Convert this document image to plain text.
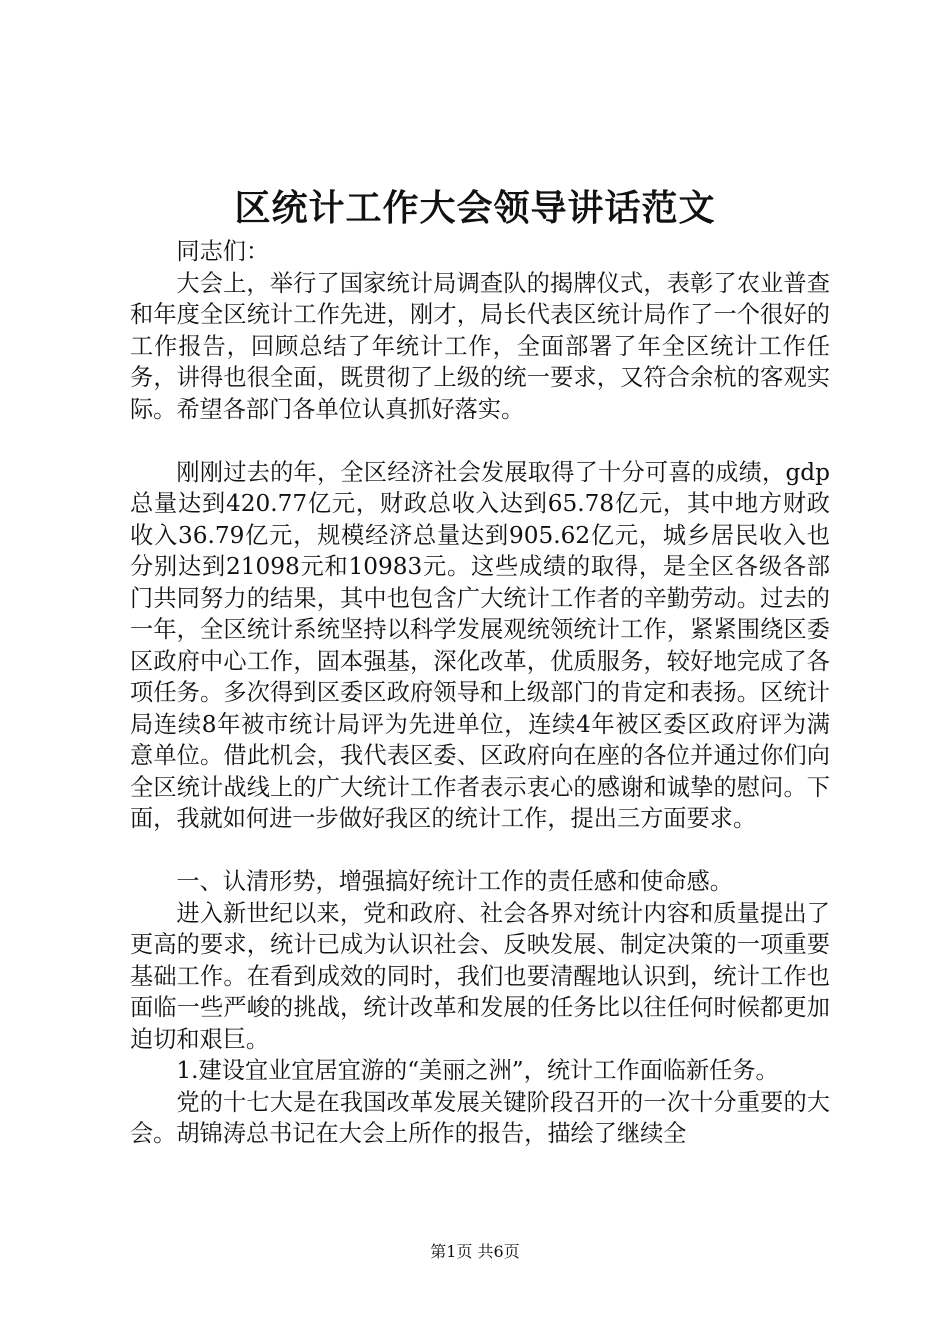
区统计工作大会领导讲话范文

同志们：

大会上，举行了国家统计局调查队的揭牌仪式，表彰了农业普查和年度全区统计工作先进，刚才，局长代表区统计局作了一个很好的工作报告，回顾总结了年统计工作，全面部署了年全区统计工作任务，讲得也很全面，既贯彻了上级的统一要求，又符合余杭的客观实际。希望各部门各单位认真抓好落实。

刚刚过去的年，全区经济社会发展取得了十分可喜的成绩，gdp总量达到420.77亿元，财政总收入达到65.78亿元，其中地方财政收入36.79亿元，规模经济总量达到905.62亿元，城乡居民收入也分别达到21098元和10983元。这些成绩的取得，是全区各级各部门共同努力的结果，其中也包含广大统计工作者的辛勤劳动。过去的一年，全区统计系统坚持以科学发展观统领统计工作，紧紧围绕区委区政府中心工作，固本强基，深化改革，优质服务，较好地完成了各项任务。多次得到区委区政府领导和上级部门的肯定和表扬。区统计局连续8年被市统计局评为先进单位，连续4年被区委区政府评为满意单位。借此机会，我代表区委、区政府向在座的各位并通过你们向全区统计战线上的广大统计工作者表示衷心的感谢和诚挚的慰问。下面，我就如何进一步做好我区的统计工作，提出三方面要求。

一、认清形势，增强搞好统计工作的责任感和使命感。

进入新世纪以来，党和政府、社会各界对统计内容和质量提出了更高的要求，统计已成为认识社会、反映发展、制定决策的一项重要基础工作。在看到成效的同时，我们也要清醒地认识到，统计工作也面临一些严峻的挑战，统计改革和发展的任务比以往任何时候都更加迫切和艰巨。

1.建设宜业宜居宜游的“美丽之洲”，统计工作面临新任务。

党的十七大是在我国改革发展关键阶段召开的一次十分重要的大会。胡锦涛总书记在大会上所作的报告，描绘了继续全

第1页 共6页
